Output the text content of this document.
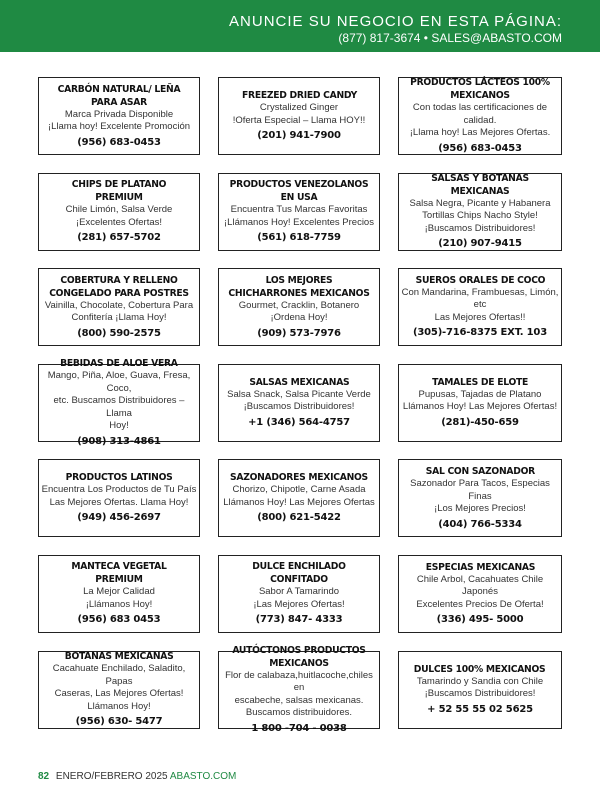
ANUNCIE SU NEGOCIO EN ESTA PÁGINA:
(877) 817-3674 • SALES@ABASTO.COM
CARBÓN NATURAL/ LEÑA PARA ASAR
Marca Privada Disponible
¡Llama hoy! Excelente Promoción
(956) 683-0453
FREEZED DRIED CANDY
Crystalized Ginger
!Oferta Especial – Llama HOY!!
(201) 941-7900
PRODUCTOS LÁCTEOS 100% MEXICANOS
Con todas las certificaciones de calidad.
¡Llama hoy! Las Mejores Ofertas.
(956) 683-0453
CHIPS DE PLATANO PREMIUM
Chile Limón, Salsa Verde
¡Excelentes Ofertas!
(281) 657-5702
PRODUCTOS VENEZOLANOS EN USA
Encuentra Tus Marcas Favoritas
¡Llámanos Hoy! Excelentes Precios
(561) 618-7759
SALSAS Y BOTANAS MEXICANAS
Salsa Negra, Picante y Habanera
Tortillas Chips Nacho Style!
¡Buscamos Distribuidores!
(210) 907-9415
COBERTURA Y RELLENO CONGELADO PARA POSTRES
Vainilla, Chocolate, Cobertura Para
Confitería ¡Llama Hoy!
(800) 590-2575
LOS MEJORES CHICHARRONES MEXICANOS
Gourmet, Cracklin, Botanero
¡Ordena Hoy!
(909) 573-7976
SUEROS ORALES DE COCO
Con Mandarina, Frambuesas, Limón, etc
Las Mejores Ofertas!!
(305)-716-8375 EXT. 103
BEBIDAS DE ALOE VERA
Mango, Piña, Aloe, Guava, Fresa, Coco,
etc. Buscamos Distribuidores – Llama
Hoy!
(908) 313-4861
SALSAS MEXICANAS
Salsa Snack, Salsa Picante Verde
¡Buscamos Distribuidores!
+1 (346) 564-4757
TAMALES DE ELOTE
Pupusas, Tajadas de Platano
Llámanos Hoy! Las Mejores Ofertas!
(281)-450-659
PRODUCTOS LATINOS
Encuentra Los Productos de Tu País
Las Mejores Ofertas. Llama Hoy!
(949) 456-2697
SAZONADORES MEXICANOS
Chorizo, Chipotle, Carne Asada
Llámanos Hoy! Las Mejores Ofertas
(800) 621-5422
SAL CON SAZONADOR
Sazonador Para Tacos, Especias Finas
¡Los Mejores Precios!
(404) 766-5334
MANTECA VEGETAL PREMIUM
La Mejor Calidad
¡Llámanos Hoy!
(956) 683 0453
DULCE ENCHILADO CONFITADO
Sabor A Tamarindo
¡Las Mejores Ofertas!
(773) 847- 4333
ESPECIAS MEXICANAS
Chile Arbol, Cacahuates Chile Japonés
Excelentes Precios De Oferta!
(336) 495- 5000
BOTANAS MEXICANAS
Cacahuate Enchilado, Saladito, Papas
Caseras, Las Mejores Ofertas!
Llámanos Hoy!
(956) 630- 5477
AUTÓCTONOS PRODUCTOS MEXICANOS
Flor de calabaza,huitlacoche,chiles en
escabeche, salsas mexicanas.
Buscamos distribuidores.
1 800 -704 - 0038
DULCES 100% MEXICANOS
Tamarindo y Sandia con Chile
¡Buscamos Distribuidores!
+ 52 55 55 02 5625
82 ENERO/FEBRERO 2025 ABASTO.COM
